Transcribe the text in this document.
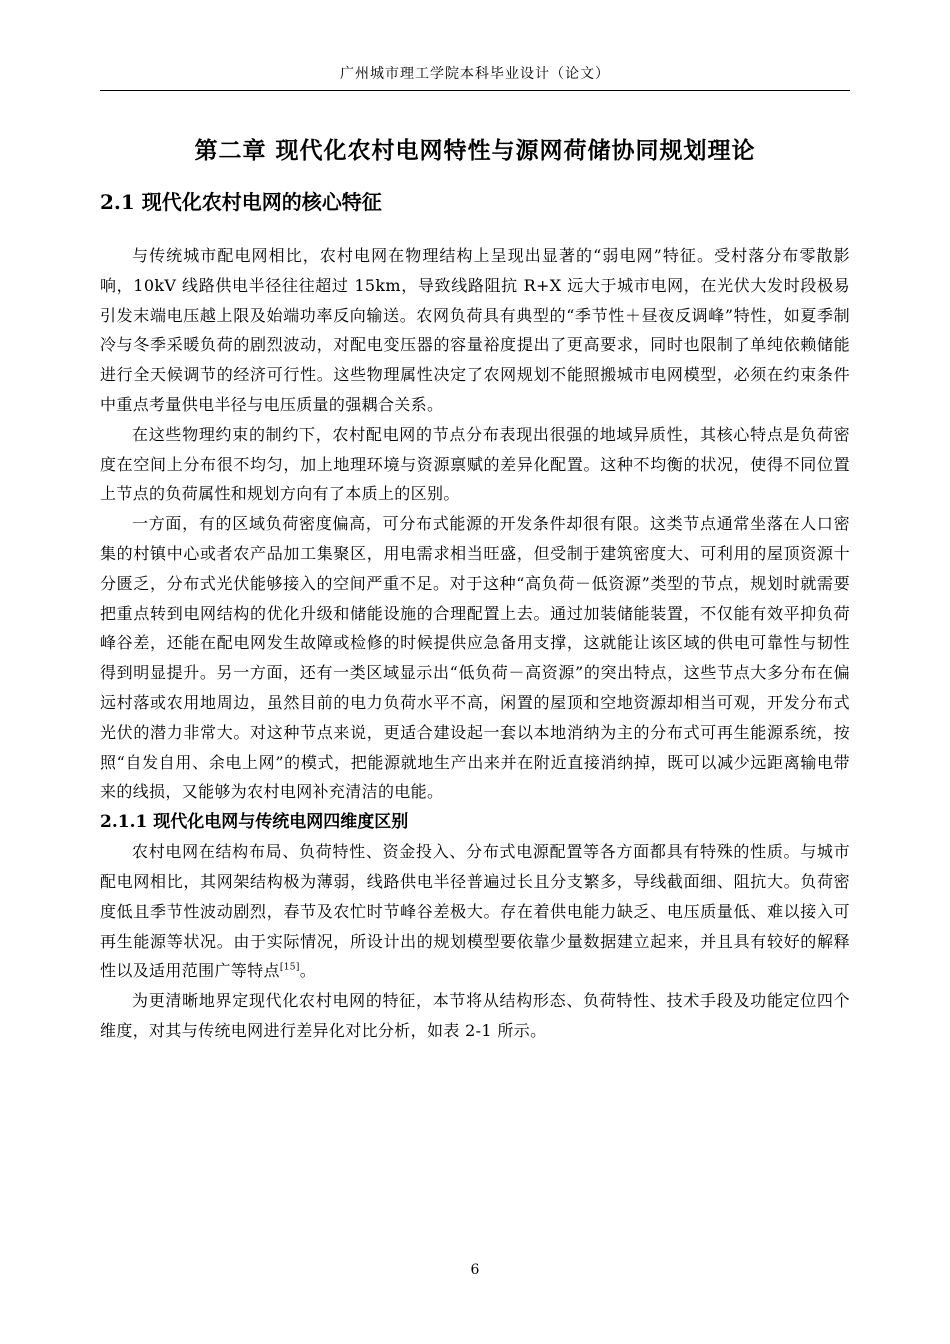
广州城市理工学院本科毕业设计（论文）
第二章 现代化农村电网特性与源网荷储协同规划理论
2.1 现代化农村电网的核心特征

与传统城市配电网相比，农村电网在物理结构上呈现出显著的“弱电网”特征。受村落分布零散影响，10kV 线路供电半径往往超过 15km，导致线路阻抗 R+X 远大于城市电网，在光伏大发时段极易引发末端电压越上限及始端功率反向输送。农网负荷具有典型的“季节性＋昼夜反调峰”特性，如夏季制冷与冬季采暖负荷的剧烈波动，对配电变压器的容量裕度提出了更高要求，同时也限制了单纯依赖储能进行全天候调节的经济可行性。这些物理属性决定了农网规划不能照搬城市电网模型，必须在约束条件中重点考量供电半径与电压质量的强耦合关系。

在这些物理约束的制约下，农村配电网的节点分布表现出很强的地域异质性，其核心特点是负荷密度在空间上分布很不均匀，加上地理环境与资源禀赋的差异化配置。这种不均衡的状况，使得不同位置上节点的负荷属性和规划方向有了本质上的区别。

一方面，有的区域负荷密度偏高，可分布式能源的开发条件却很有限。这类节点通常坐落在人口密集的村镇中心或者农产品加工集聚区，用电需求相当旺盛，但受制于建筑密度大、可利用的屋顶资源十分匮乏，分布式光伏能够接入的空间严重不足。对于这种“高负荷－低资源”类型的节点，规划时就需要把重点转到电网结构的优化升级和储能设施的合理配置上去。通过加装储能装置，不仅能有效平抑负荷峰谷差，还能在配电网发生故障或检修的时候提供应急备用支撑，这就能让该区域的供电可靠性与韧性得到明显提升。另一方面，还有一类区域显示出“低负荷－高资源”的突出特点，这些节点大多分布在偏远村落或农用地周边，虽然目前的电力负荷水平不高，闲置的屋顶和空地资源却相当可观，开发分布式光伏的潜力非常大。对这种节点来说，更适合建设起一套以本地消纳为主的分布式可再生能源系统，按照“自发自用、余电上网”的模式，把能源就地生产出来并在附近直接消纳掉，既可以减少远距离输电带来的线损，又能够为农村电网补充清洁的电能。

2.1.1 现代化电网与传统电网四维度区别

农村电网在结构布局、负荷特性、资金投入、分布式电源配置等各方面都具有特殊的性质。与城市配电网相比，其网架结构极为薄弱，线路供电半径普遍过长且分支繁多，导线截面细、阻抗大。负荷密度低且季节性波动剧烈，春节及农忙时节峰谷差极大。存在着供电能力缺乏、电压质量低、难以接入可再生能源等状况。由于实际情况，所设计出的规划模型要依靠少量数据建立起来，并且具有较好的解释性以及适用范围广等特点[15]。

为更清晰地界定现代化农村电网的特征，本节将从结构形态、负荷特性、技术手段及功能定位四个维度，对其与传统电网进行差异化对比分析，如表 2-1 所示。

6
